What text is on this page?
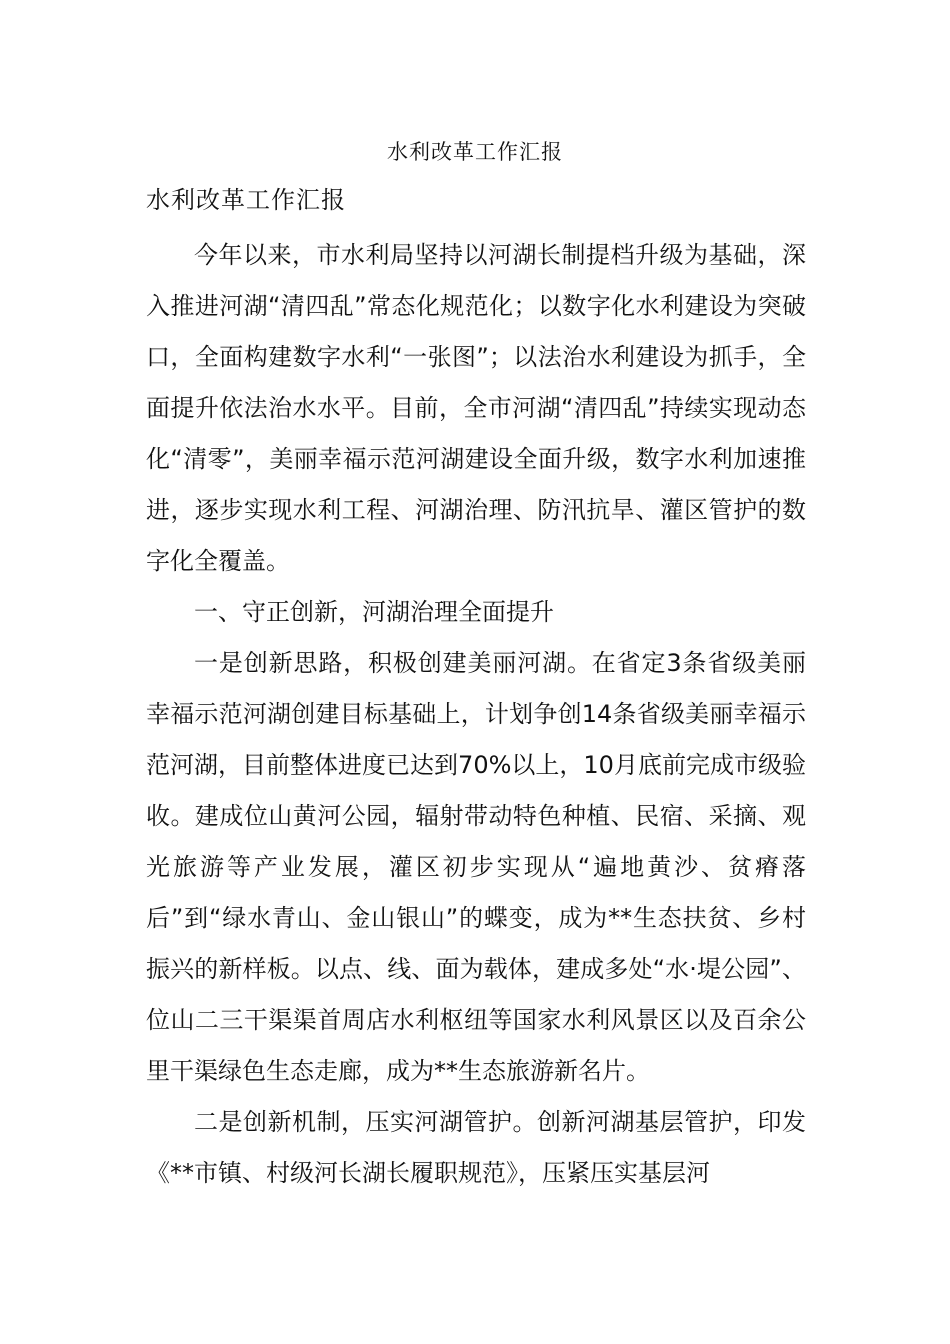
水利改革工作汇报
水利改革工作汇报

今年以来，市水利局坚持以河湖长制提档升级为基础，深入推进河湖“清四乱”常态化规范化；以数字化水利建设为突破口，全面构建数字水利“一张图”；以法治水利建设为抓手，全面提升依法治水水平。目前，全市河湖“清四乱”持续实现动态化“清零”，美丽幸福示范河湖建设全面升级，数字水利加速推进，逐步实现水利工程、河湖治理、防汛抗旱、灌区管护的数字化全覆盖。

一、守正创新，河湖治理全面提升

一是创新思路，积极创建美丽河湖。在省定3条省级美丽幸福示范河湖创建目标基础上，计划争创14条省级美丽幸福示范河湖，目前整体进度已达到70%以上，10月底前完成市级验收。建成位山黄河公园，辐射带动特色种植、民宿、采摘、观光旅游等产业发展，灌区初步实现从“遍地黄沙、贫瘠落后”到“绿水青山、金山银山”的蝶变，成为**生态扶贫、乡村振兴的新样板。以点、线、面为载体，建成多处“水·堤公园”、位山二三干渠渠首周店水利枢纽等国家水利风景区以及百余公里干渠绿色生态走廊，成为**生态旅游新名片。

二是创新机制，压实河湖管护。创新河湖基层管护，印发《**市镇、村级河长湖长履职规范》，压紧压实基层河
